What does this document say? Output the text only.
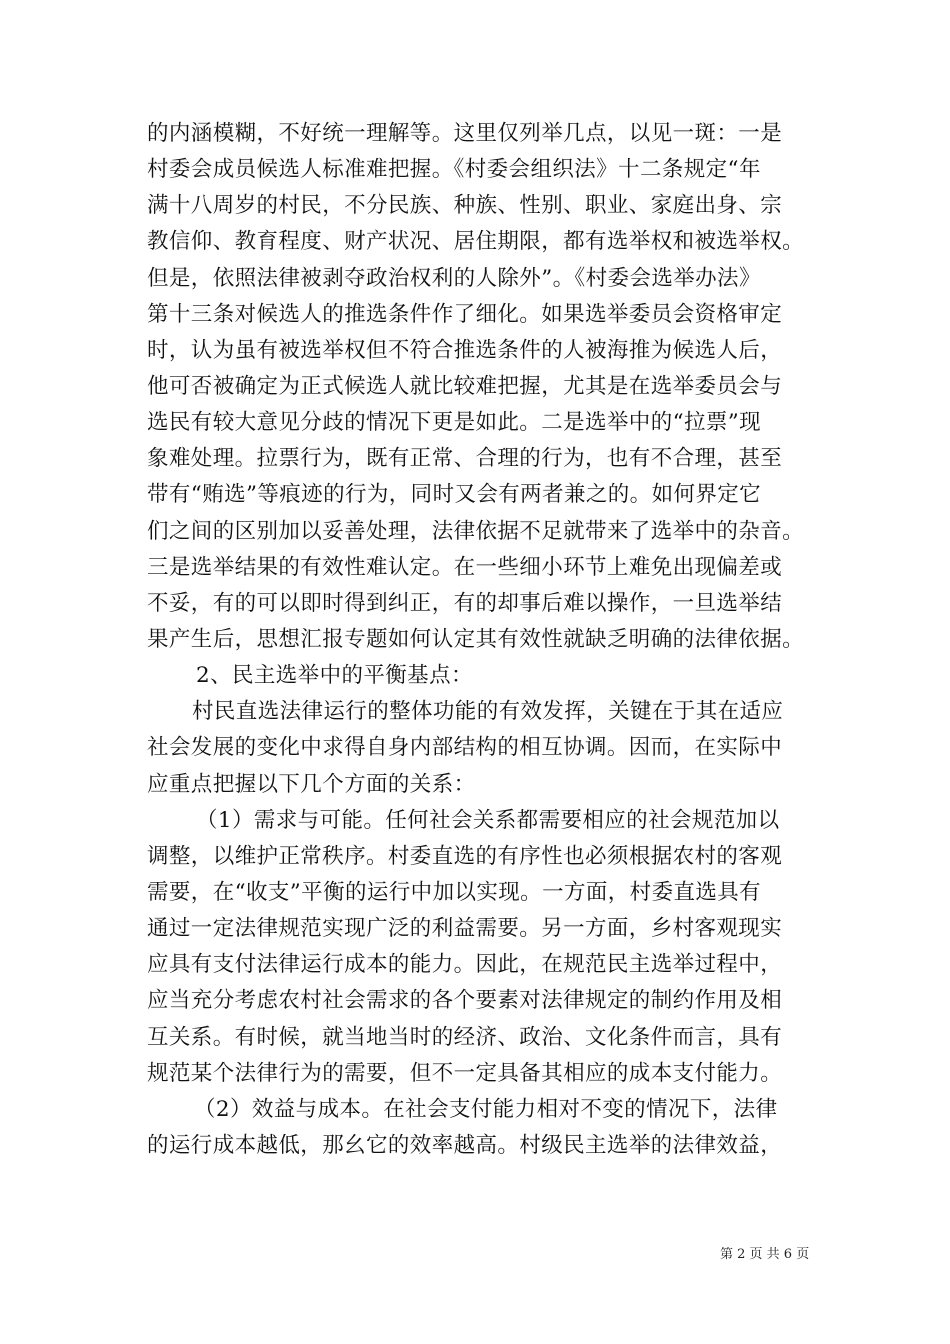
的内涵模糊，不好统一理解等。这里仅列举几点，以见一斑：一是
村委会成员候选人标准难把握。《村委会组织法》十二条规定“年
满十八周岁的村民，不分民族、种族、性别、职业、家庭出身、宗
教信仰、教育程度、财产状况、居住期限，都有选举权和被选举权。
但是，依照法律被剥夺政治权利的人除外”。《村委会选举办法》
第十三条对候选人的推选条件作了细化。如果选举委员会资格审定
时，认为虽有被选举权但不符合推选条件的人被海推为候选人后，
他可否被确定为正式候选人就比较难把握，尤其是在选举委员会与
选民有较大意见分歧的情况下更是如此。二是选举中的“拉票”现
象难处理。拉票行为，既有正常、合理的行为，也有不合理，甚至
带有“贿选”等痕迹的行为，同时又会有两者兼之的。如何界定它
们之间的区别加以妥善处理，法律依据不足就带来了选举中的杂音。
三是选举结果的有效性难认定。在一些细小环节上难免出现偏差或
不妥，有的可以即时得到纠正，有的却事后难以操作，一旦选举结
果产生后，思想汇报专题如何认定其有效性就缺乏明确的法律依据。
2、民主选举中的平衡基点：
村民直选法律运行的整体功能的有效发挥，关键在于其在适应
社会发展的变化中求得自身内部结构的相互协调。因而，在实际中
应重点把握以下几个方面的关系：
（1）需求与可能。任何社会关系都需要相应的社会规范加以
调整，以维护正常秩序。村委直选的有序性也必须根据农村的客观
需要，在“收支”平衡的运行中加以实现。一方面，村委直选具有
通过一定法律规范实现广泛的利益需要。另一方面，乡村客观现实
应具有支付法律运行成本的能力。因此，在规范民主选举过程中，
应当充分考虑农村社会需求的各个要素对法律规定的制约作用及相
互关系。有时候，就当地当时的经济、政治、文化条件而言，具有
规范某个法律行为的需要，但不一定具备其相应的成本支付能力。
（2）效益与成本。在社会支付能力相对不变的情况下，法律
的运行成本越低，那幺它的效率越高。村级民主选举的法律效益，
第 2 页 共 6 页
